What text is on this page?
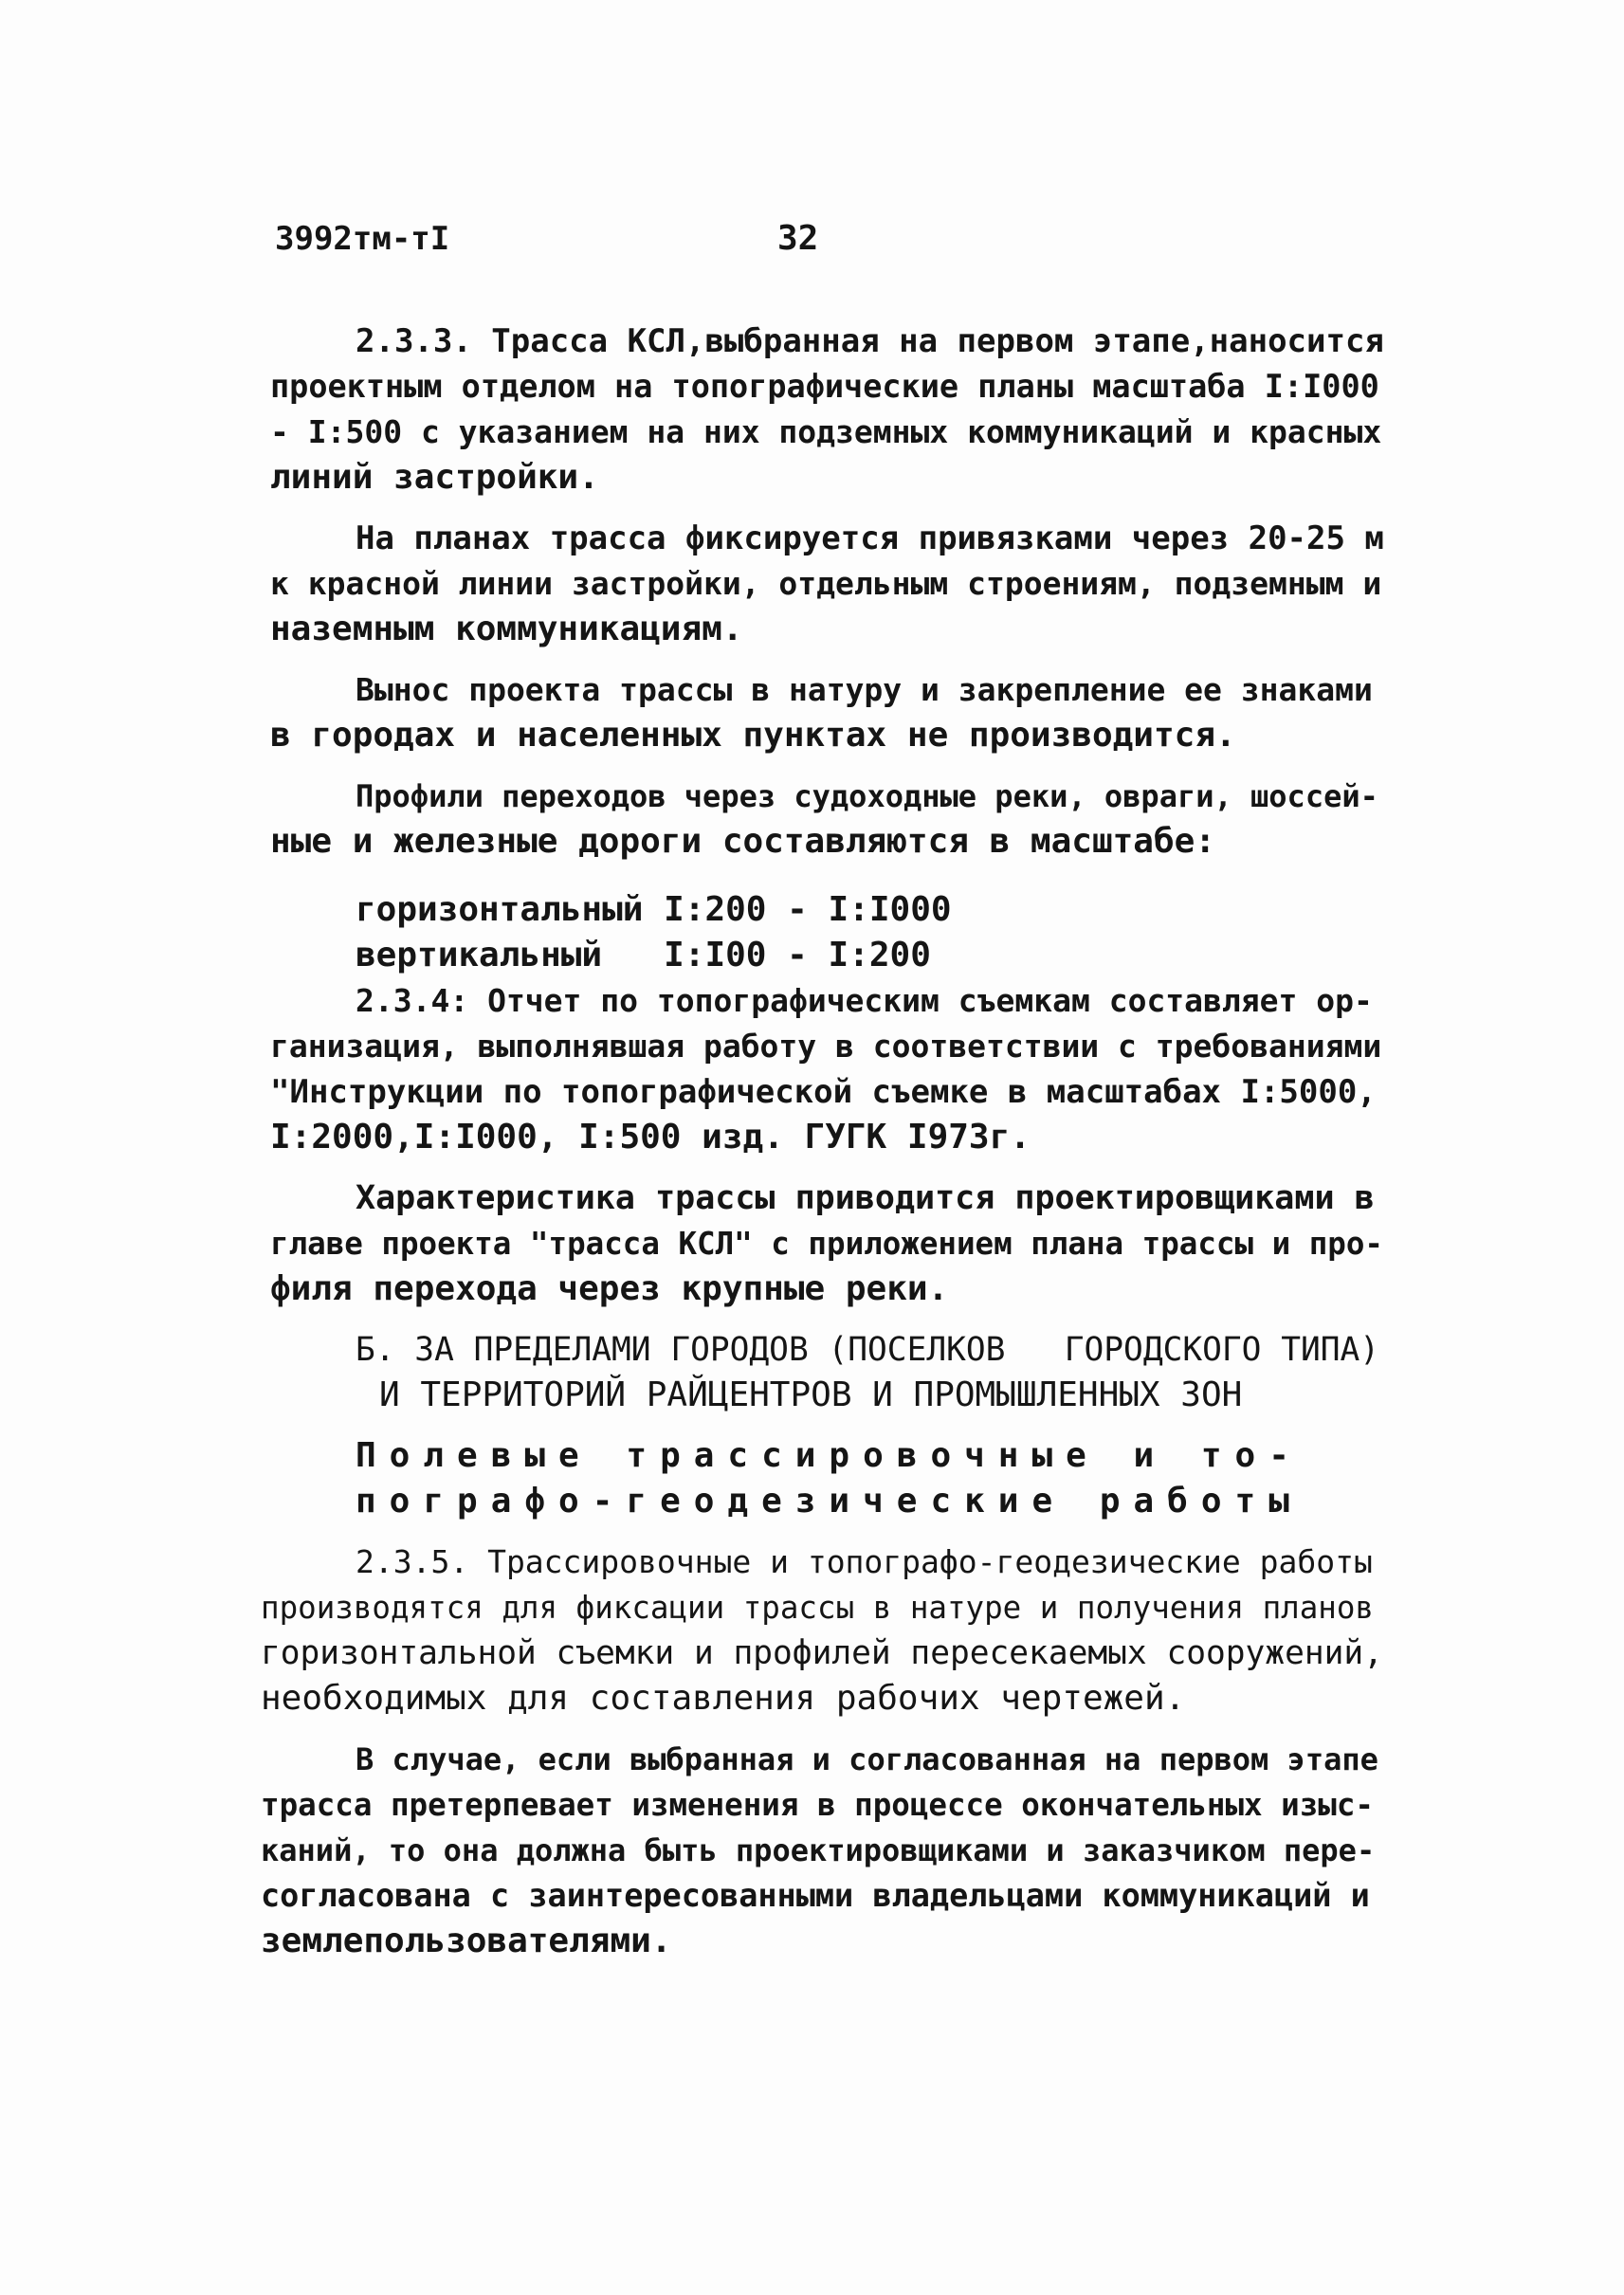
3992тм-тI	32
2.3.3. Трасса КСЛ,выбранная на первом этапе,наносится
проектным отделом на топографические планы масштаба I:I000
- I:500 с указанием на них подземных коммуникаций и красных
линий застройки.
На планах трасса фиксируется привязками через 20-25 м
к красной линии застройки, отдельным строениям, подземным и
наземным коммуникациям.
Вынос проекта трассы в натуру и закрепление ее знаками
в городах и населенных пунктах не производится.
Профили переходов через судоходные реки, овраги, шоссей-
ные и железные дороги составляются в масштабе:
горизонтальный I:200 - I:I000
вертикальный   I:I00 - I:200
2.3.4: Отчет по топографическим съемкам составляет ор-
ганизация, выполнявшая работу в соответствии с требованиями
"Инструкции по топографической съемке в масштабах I:5000,
I:2000,I:I000, I:500 изд. ГУГК I973г.
Характеристика трассы приводится проектировщиками в
главе проекта "трасса КСЛ" с приложением плана трассы и про-
филя перехода через крупные реки.
Б. ЗА ПРЕДЕЛАМИ ГОРОДОВ (ПОСЕЛКОВ   ГОРОДСКОГО ТИПА)
И ТЕРРИТОРИЙ РАЙЦЕНТРОВ И ПРОМЫШЛЕННЫХ ЗОН
Полевые трассировочные и то-
пографо-геодезические работы
2.3.5. Трассировочные и топографо-геодезические работы
производятся для фиксации трассы в натуре и получения планов
горизонтальной съемки и профилей пересекаемых сооружений,
необходимых для составления рабочих чертежей.
В случае, если выбранная и согласованная на первом этапе
трасса претерпевает изменения в процессе окончательных изыс-
каний, то она должна быть проектировщиками и заказчиком пере-
согласована с заинтересованными владельцами коммуникаций и
землепользователями.
